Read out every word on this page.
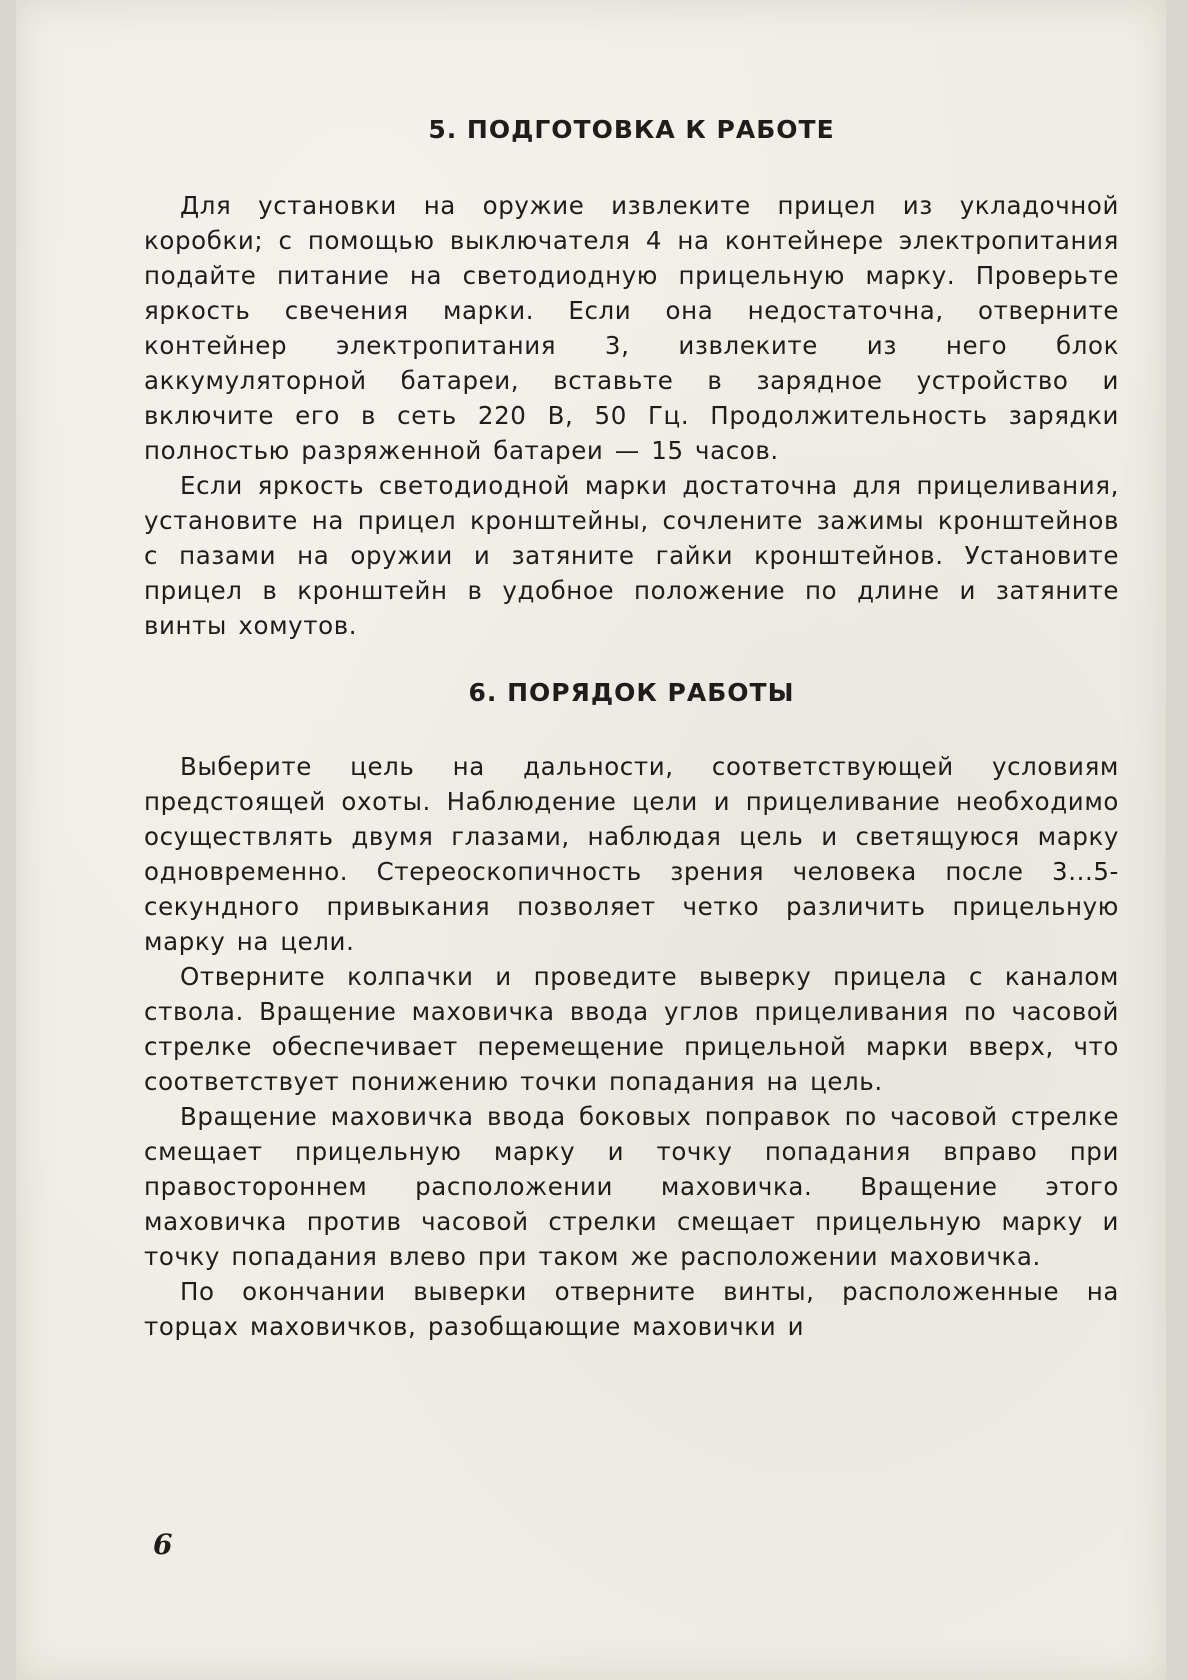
5. ПОДГОТОВКА К РАБОТЕ

Для установки на оружие извлеките прицел из укладочной коробки; с помощью выключателя 4 на контейнере электропитания подайте питание на светодиодную прицельную марку. Проверьте яркость свечения марки. Если она недостаточна, отверните контейнер электропитания 3, извлеките из него блок аккумуляторной батареи, вставьте в зарядное устройство и включите его в сеть 220 В, 50 Гц. Продолжительность зарядки полностью разряженной батареи — 15 часов.

Если яркость светодиодной марки достаточна для прицеливания, установите на прицел кронштейны, сочлените зажимы кронштейнов с пазами на оружии и затяните гайки кронштейнов. Установите прицел в кронштейн в удобное положение по длине и затяните винты хомутов.

6. ПОРЯДОК РАБОТЫ

Выберите цель на дальности, соответствующей условиям предстоящей охоты. Наблюдение цели и прицеливание необходимо осуществлять двумя глазами, наблюдая цель и светящуюся марку одновременно. Стереоскопичность зрения человека после 3...5-секундного привыкания позволяет четко различить прицельную марку на цели.

Отверните колпачки и проведите выверку прицела с каналом ствола. Вращение маховичка ввода углов прицеливания по часовой стрелке обеспечивает перемещение прицельной марки вверх, что соответствует понижению точки попадания на цель.

Вращение маховичка ввода боковых поправок по часовой стрелке смещает прицельную марку и точку попадания вправо при правостороннем расположении маховичка. Вращение этого маховичка против часовой стрелки смещает прицельную марку и точку попадания влево при таком же расположении маховичка.

По окончании выверки отверните винты, расположенные на торцах маховичков, разобщающие маховички и

6
